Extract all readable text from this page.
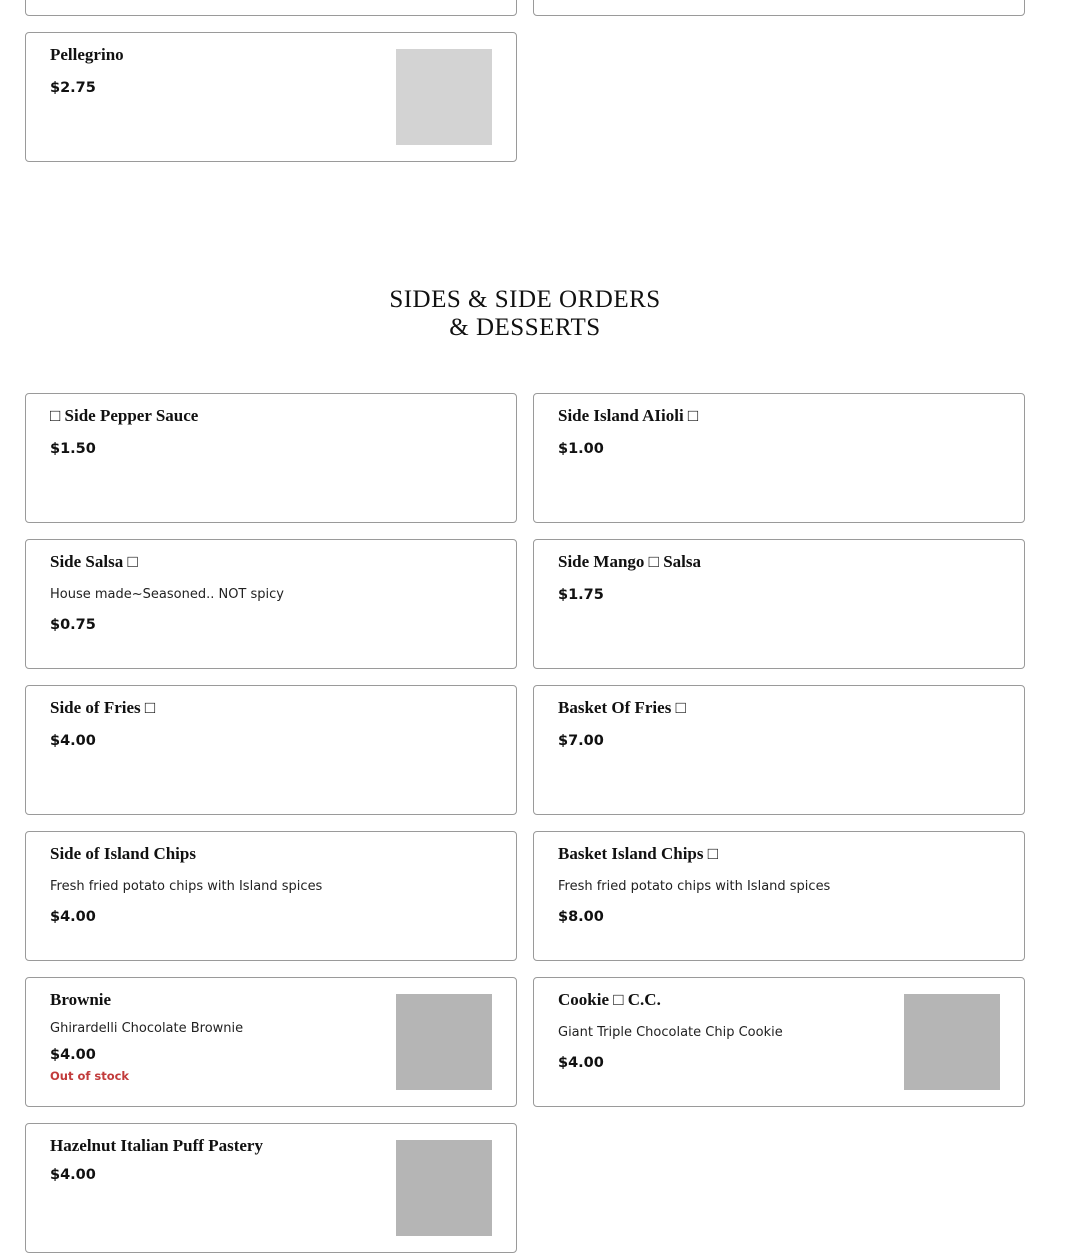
Pellegrino
$2.75
SIDES & SIDE ORDERS
& DESSERTS
□ Side Pepper Sauce
$1.50
Side Island AIioli □
$1.00
Side Salsa □
House made~Seasoned.. NOT spicy
$0.75
Side Mango □ Salsa
$1.75
Side of Fries □
$4.00
Basket Of Fries □
$7.00
Side of Island Chips
Fresh fried potato chips with Island spices
$4.00
Basket Island Chips □
Fresh fried potato chips with Island spices
$8.00
Brownie
Ghirardelli Chocolate Brownie
$4.00
Out of stock
Cookie □ C.C.
Giant Triple Chocolate Chip Cookie
$4.00
Hazelnut Italian Puff Pastery
$4.00
